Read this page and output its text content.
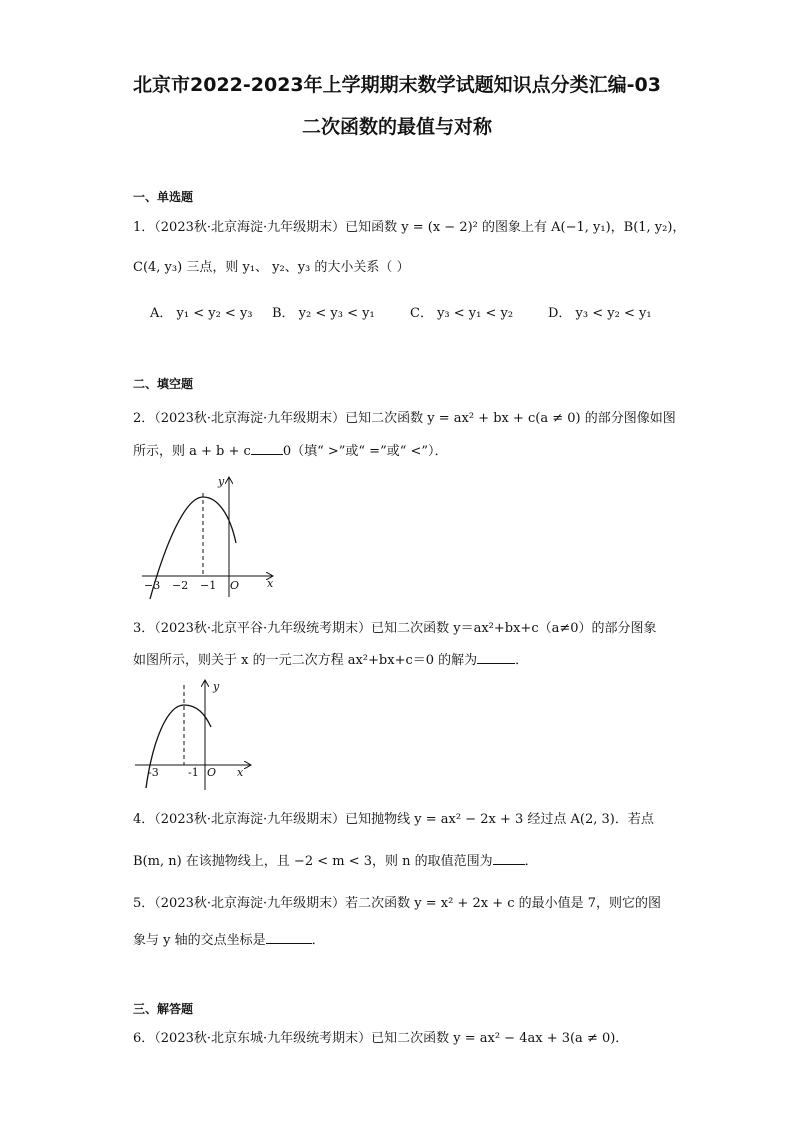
北京市2022-2023年上学期期末数学试题知识点分类汇编-03
二次函数的最值与对称
一、单选题
1．（2023秋·北京海淀·九年级期末）已知函数 y = (x − 2)² 的图象上有 A(−1, y₁)，B(1, y₂)，
C(4, y₃) 三点，则 y₁、 y₂、y₃ 的大小关系（ ）
A． y₁ < y₂ < y₃ B． y₂ < y₃ < y₁	C． y₃ < y₁ < y₂	D． y₃ < y₂ < y₁
二、填空题
2．（2023秋·北京海淀·九年级期末）已知二次函数 y = ax² + bx + c(a ≠ 0) 的部分图像如图
所示，则 a + b + c 0（填“ >”或“ =”或“ <”）．
y
x
O
−3 −2 −1
3．（2023秋·北京平谷·九年级统考期末）已知二次函数 y＝ax²+bx+c（a≠0）的部分图象
如图所示，则关于 x 的一元二次方程 ax²+bx+c＝0 的解为	．
y
x
O
-3	-1
4．（2023秋·北京海淀·九年级期末）已知抛物线 y = ax² − 2x + 3 经过点 A(2, 3)．若点
B(m, n) 在该抛物线上，且 −2 < m < 3，则 n 的取值范围为 ．
5．（2023秋·北京海淀·九年级期末）若二次函数 y = x² + 2x + c 的最小值是 7，则它的图
象与 y 轴的交点坐标是	．
三、解答题
6．（2023秋·北京东城·九年级统考期末）已知二次函数 y = ax² − 4ax + 3(a ≠ 0)．
